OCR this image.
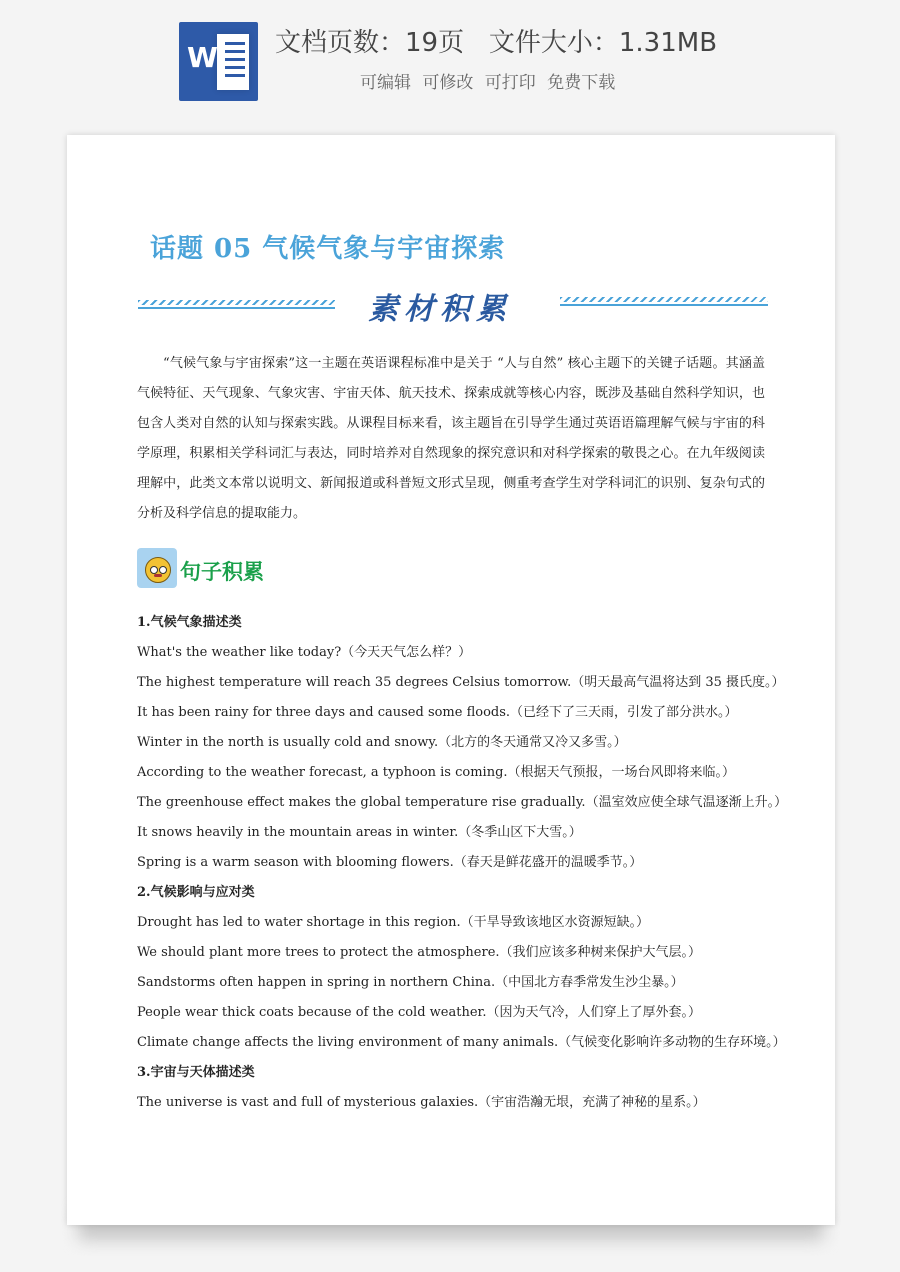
W 文档页数：19页   文件大小：1.31MB
可编辑 可修改 可打印 免费下载
话题 05 气候气象与宇宙探索
素材积累
“气候气象与宇宙探索”这一主题在英语课程标准中是关于 “人与自然” 核心主题下的关键子话题。其涵盖气候特征、天气现象、气象灾害、宇宙天体、航天技术、探索成就等核心内容，既涉及基础自然科学知识，也包含人类对自然的认知与探索实践。从课程目标来看，该主题旨在引导学生通过英语语篇理解气候与宇宙的科学原理，积累相关学科词汇与表达，同时培养对自然现象的探究意识和对科学探索的敬畏之心。在九年级阅读理解中，此类文本常以说明文、新闻报道或科普短文形式呈现，侧重考查学生对学科词汇的识别、复杂句式的分析及科学信息的提取能力。
句子积累
1.气候气象描述类
What's the weather like today?（今天天气怎么样？）
The highest temperature will reach 35 degrees Celsius tomorrow.（明天最高气温将达到 35 摄氏度。）
It has been rainy for three days and caused some floods.（已经下了三天雨，引发了部分洪水。）
Winter in the north is usually cold and snowy.（北方的冬天通常又冷又多雪。）
According to the weather forecast, a typhoon is coming.（根据天气预报，一场台风即将来临。）
The greenhouse effect makes the global temperature rise gradually.（温室效应使全球气温逐渐上升。）
It snows heavily in the mountain areas in winter.（冬季山区下大雪。）
Spring is a warm season with blooming flowers.（春天是鲜花盛开的温暖季节。）
2.气候影响与应对类
Drought has led to water shortage in this region.（干旱导致该地区水资源短缺。）
We should plant more trees to protect the atmosphere.（我们应该多种树来保护大气层。）
Sandstorms often happen in spring in northern China.（中国北方春季常发生沙尘暴。）
People wear thick coats because of the cold weather.（因为天气冷，人们穿上了厚外套。）
Climate change affects the living environment of many animals.（气候变化影响许多动物的生存环境。）
3.宇宙与天体描述类
The universe is vast and full of mysterious galaxies.（宇宙浩瀚无垠，充满了神秘的星系。）
